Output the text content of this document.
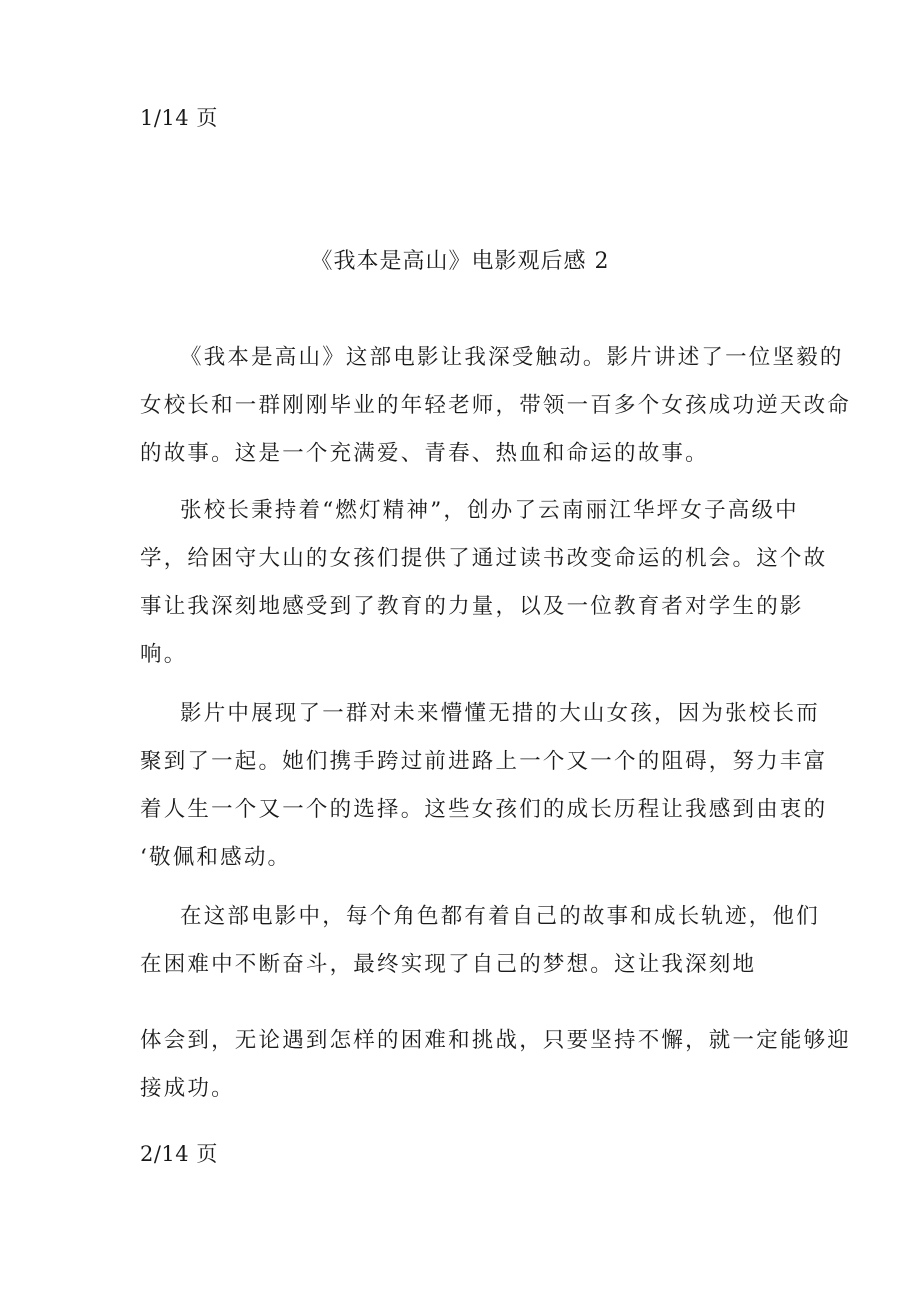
1/14 页
《我本是高山》电影观后感 2
《我本是高山》这部电影让我深受触动。影片讲述了一位坚毅的
女校长和一群刚刚毕业的年轻老师，带领一百多个女孩成功逆天改命
的故事。这是一个充满爱、青春、热血和命运的故事。
张校长秉持着“燃灯精神”，创办了云南丽江华坪女子高级中
学，给困守大山的女孩们提供了通过读书改变命运的机会。这个故
事让我深刻地感受到了教育的力量，以及一位教育者对学生的影
响。
影片中展现了一群对未来懵懂无措的大山女孩，因为张校长而
聚到了一起。她们携手跨过前进路上一个又一个的阻碍，努力丰富
着人生一个又一个的选择。这些女孩们的成长历程让我感到由衷的
‘敬佩和感动。
在这部电影中，每个角色都有着自己的故事和成长轨迹，他们
在困难中不断奋斗，最终实现了自己的梦想。这让我深刻地
体会到，无论遇到怎样的困难和挑战，只要坚持不懈，就一定能够迎
接成功。
2/14 页
